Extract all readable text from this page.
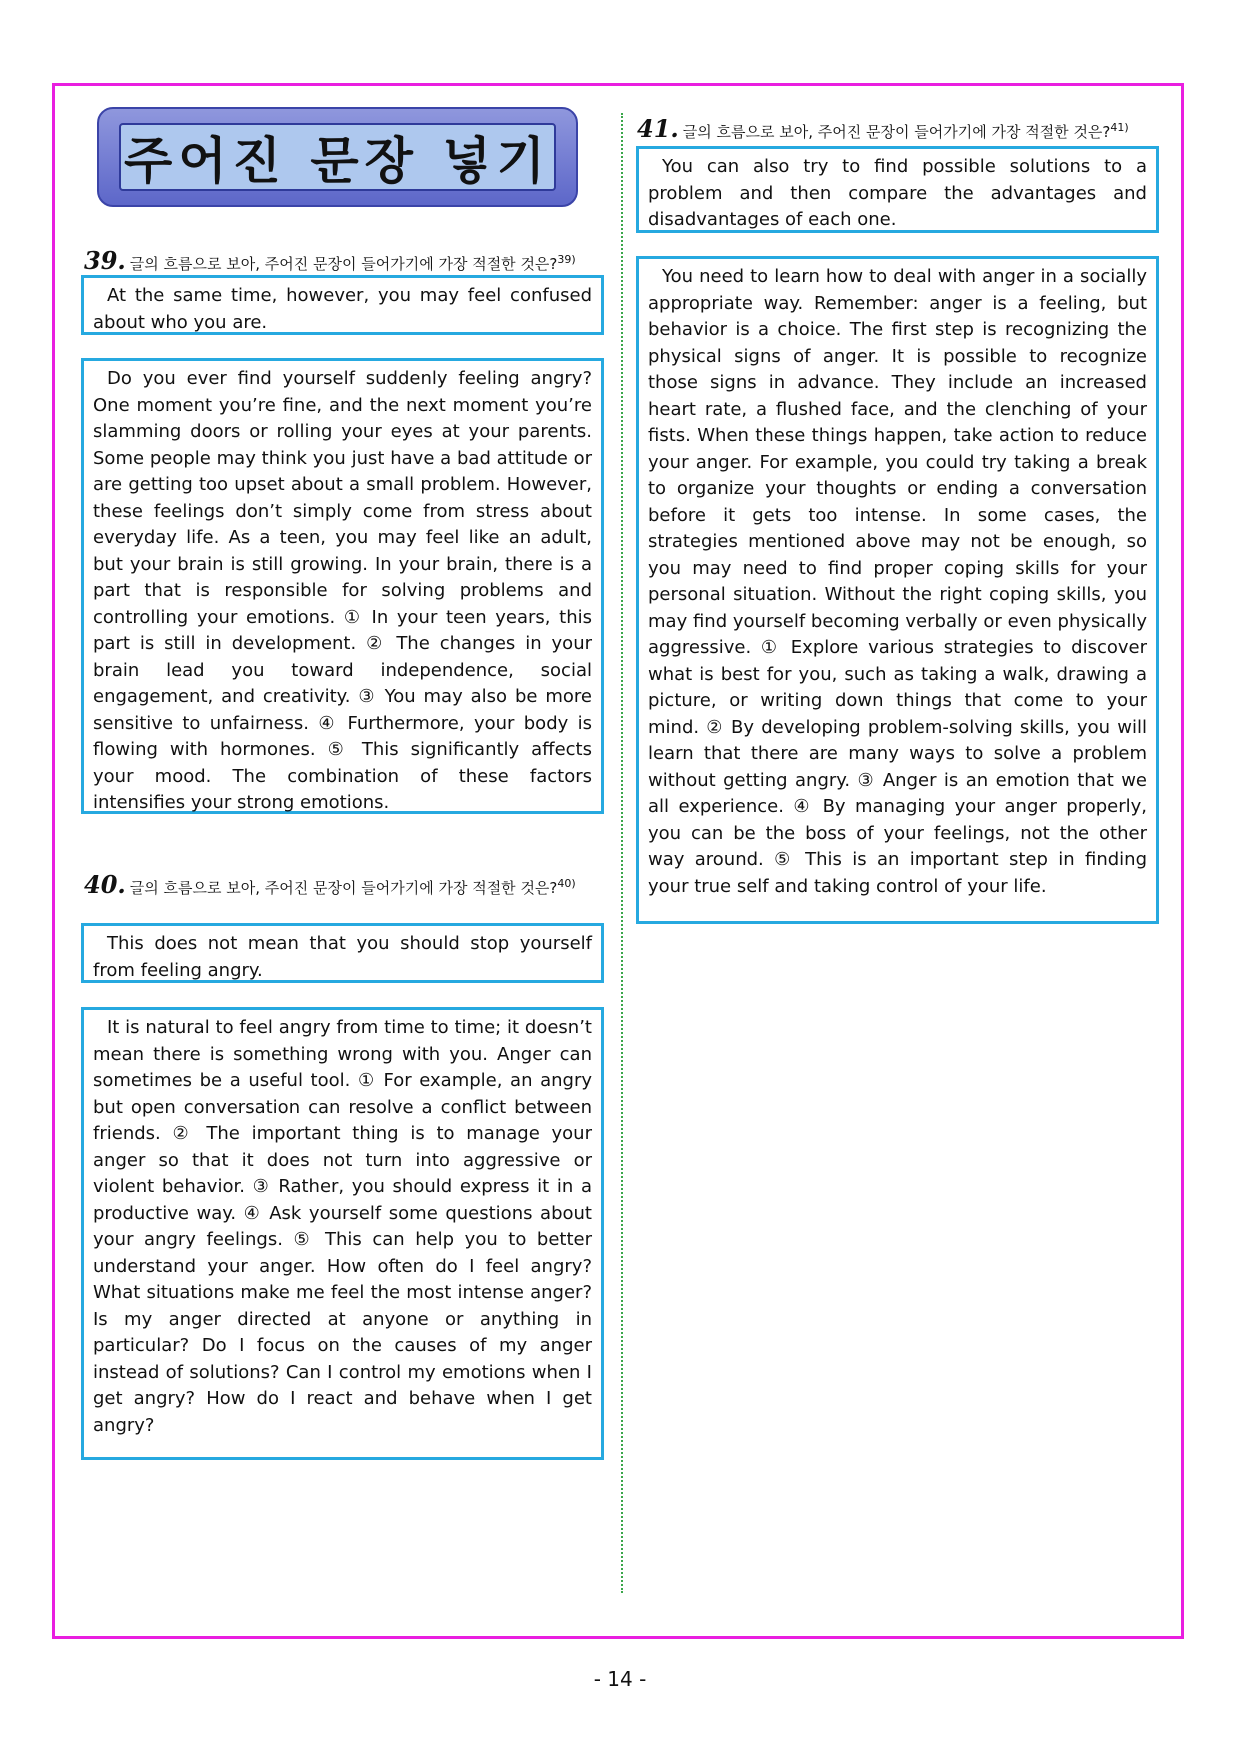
주어진 문장 넣기
39. 글의 흐름으로 보아, 주어진 문장이 들어가기에 가장 적절한 것은?$^{39)}$

At the same time, however, you may feel confused about who you are.

Do you ever find yourself suddenly feeling angry? One moment you’re fine, and the next moment you’re slamming doors or rolling your eyes at your parents. Some people may think you just have a bad attitude or are getting too upset about a small problem. However, these feelings don’t simply come from stress about everyday life. As a teen, you may feel like an adult, but your brain is still growing. In your brain, there is a part that is responsible for solving problems and controlling your emotions. ① In your teen years, this part is still in development. ② The changes in your brain lead you toward independence, social engagement, and creativity. ③ You may also be more sensitive to unfairness. ④ Furthermore, your body is flowing with hormones. ⑤ This significantly affects your mood. The combination of these factors intensifies your strong emotions.

40. 글의 흐름으로 보아, 주어진 문장이 들어가기에 가장 적절한 것은?$^{40)}$

This does not mean that you should stop yourself from feeling angry.

It is natural to feel angry from time to time; it doesn’t mean there is something wrong with you. Anger can sometimes be a useful tool. ① For example, an angry but open conversation can resolve a conflict between friends. ② The important thing is to manage your anger so that it does not turn into aggressive or violent behavior. ③ Rather, you should express it in a productive way. ④ Ask yourself some questions about your angry feelings. ⑤ This can help you to better understand your anger. How often do I feel angry? What situations make me feel the most intense anger? Is my anger directed at anyone or anything in particular? Do I focus on the causes of my anger instead of solutions? Can I control my emotions when I get angry? How do I react and behave when I get angry?

41. 글의 흐름으로 보아, 주어진 문장이 들어가기에 가장 적절한 것은?$^{41)}$

You can also try to find possible solutions to a problem and then compare the advantages and disadvantages of each one.

You need to learn how to deal with anger in a socially appropriate way. Remember: anger is a feeling, but behavior is a choice. The first step is recognizing the physical signs of anger. It is possible to recognize those signs in advance. They include an increased heart rate, a flushed face, and the clenching of your fists. When these things happen, take action to reduce your anger. For example, you could try taking a break to organize your thoughts or ending a conversation before it gets too intense. In some cases, the strategies mentioned above may not be enough, so you may need to find proper coping skills for your personal situation. Without the right coping skills, you may find yourself becoming verbally or even physically aggressive. ① Explore various strategies to discover what is best for you, such as taking a walk, drawing a picture, or writing down things that come to your mind. ② By developing problem-solving skills, you will learn that there are many ways to solve a problem without getting angry. ③ Anger is an emotion that we all experience. ④ By managing your anger properly, you can be the boss of your feelings, not the other way around. ⑤ This is an important step in finding your true self and taking control of your life.

- 14 -
